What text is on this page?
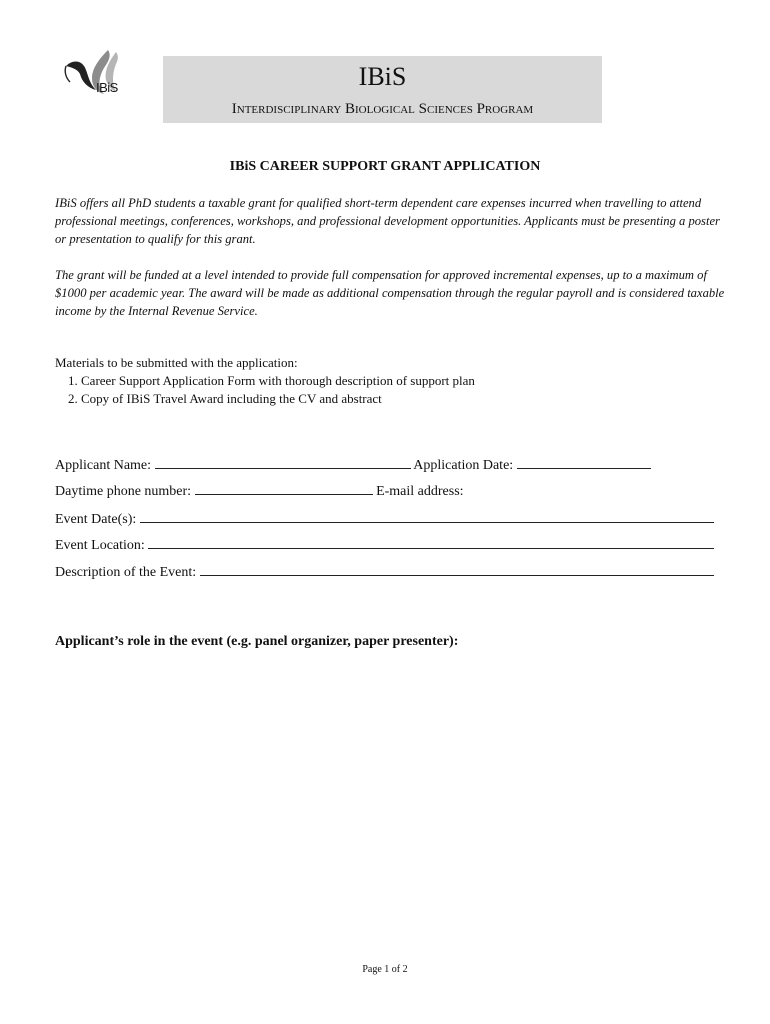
IBiS	IBiS
Interdisciplinary Biological Sciences Program
IBiS CAREER SUPPORT GRANT APPLICATION
IBiS offers all PhD students a taxable grant for qualified short-term dependent care expenses incurred when travelling to attend professional meetings, conferences, workshops, and professional development opportunities. Applicants must be presenting a poster or presentation to qualify for this grant.
The grant will be funded at a level intended to provide full compensation for approved incremental expenses, up to a maximum of $1000 per academic year. The award will be made as additional compensation through the regular payroll and is considered taxable income by the Internal Revenue Service.
Materials to be submitted with the application:
1. Career Support Application Form with thorough description of support plan
2. Copy of IBiS Travel Award including the CV and abstract
Applicant Name:	Application Date:
Daytime phone number:	E-mail address:
Event Date(s):
Event Location:
Description of the Event:
Applicant’s role in the event (e.g. panel organizer, paper presenter):
Page 1 of 2
